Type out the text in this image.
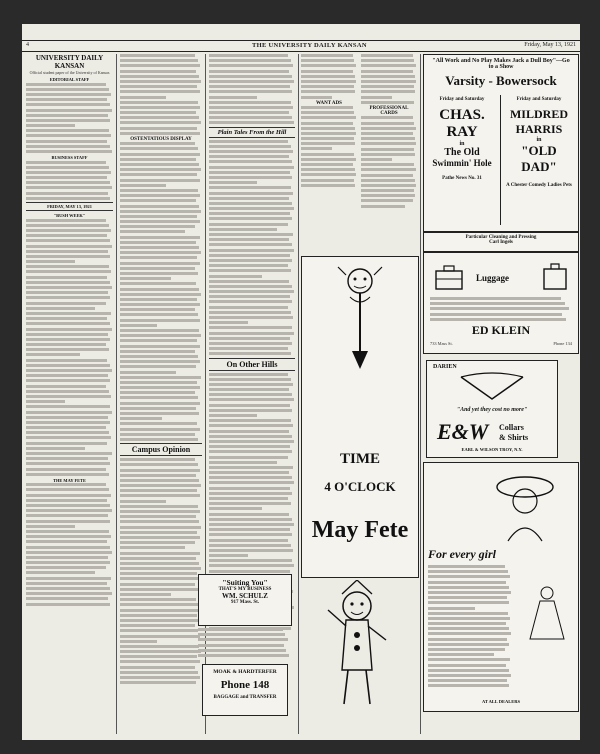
4	THE UNIVERSITY DAILY KANSAN	Friday, May 13, 1921
UNIVERSITY DAILY KANSAN
Official student paper of the University of Kansas
EDITORIAL STAFF
BUSINESS STAFF
FRIDAY, MAY 13, 1921
"BUSH WEEK"
THE MAY FETE
OSTENTATIOUS DISPLAY
Campus Opinion
Plain Tales From the Hill
On Other Hills
WANT ADS
PROFESSIONAL CARDS
TIME
4 O'CLOCK
May Fete
"Suiting You"
THAT'S MY BUSINESS
WM. SCHULZ
917 Mass. St.
MOAK & HARDTERFER
Phone 148
BAGGAGE and TRANSFER
"All Work and No Play Makes Jack a Dull Boy"—Go to a Show
Varsity - Bowersock
Friday and Saturday
CHAS.
RAY
in
The Old
Swimmin' Hole
Pathe News No. 31
Friday and Saturday
MILDRED
HARRIS
in
"OLD DAD"
A Chester Comedy Ladies Pets
Particular Cleaning and Pressing
Carl Ingels
Luggage
ED KLEIN
733 Mass St.	Phone 134
DARIEN
"And yet they cost no more"
E&W Collars
& Shirts
EARL & WILSON TROY, N.Y.
For every girl
AT ALL DEALERS
